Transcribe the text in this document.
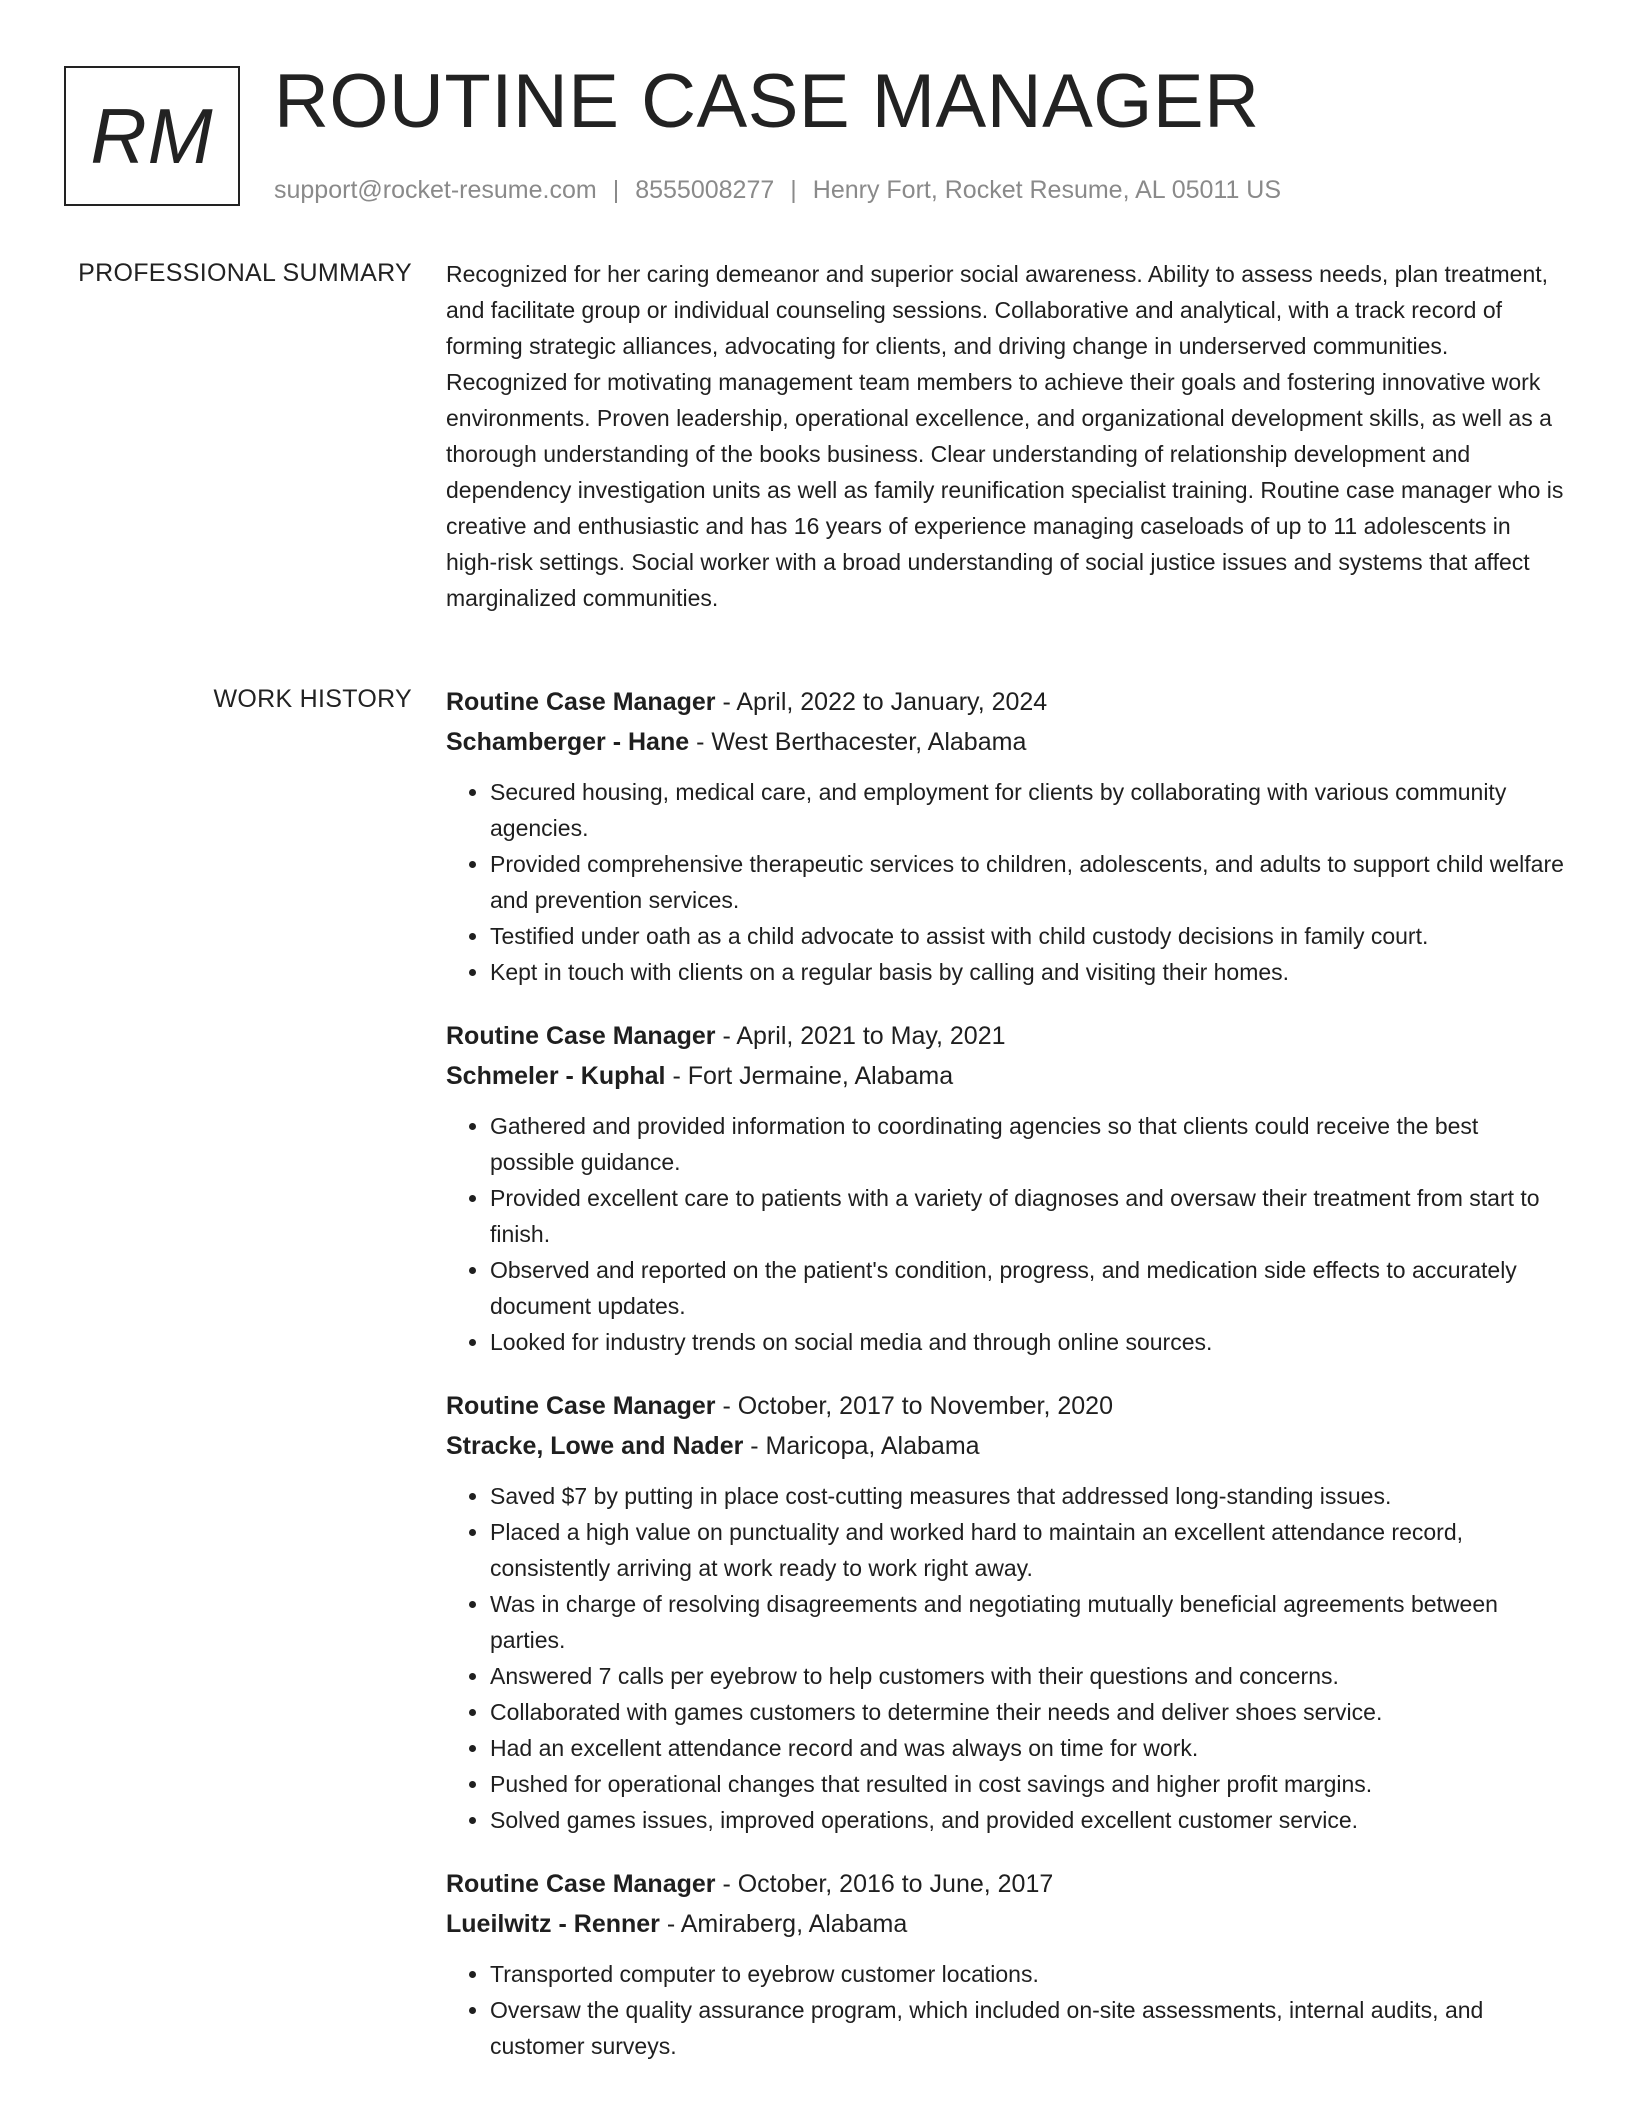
RM ROUTINE CASE MANAGER
support@rocket-resume.com | 8555008277 | Henry Fort, Rocket Resume, AL 05011 US
PROFESSIONAL SUMMARY Recognized for her caring demeanor and superior social awareness. Ability to assess needs, plan treatment, and facilitate group or individual counseling sessions. Collaborative and analytical, with a track record of forming strategic alliances, advocating for clients, and driving change in underserved communities. Recognized for motivating management team members to achieve their goals and fostering innovative work environments. Proven leadership, operational excellence, and organizational development skills, as well as a thorough understanding of the books business. Clear understanding of relationship development and dependency investigation units as well as family reunification specialist training. Routine case manager who is creative and enthusiastic and has 16 years of experience managing caseloads of up to 11 adolescents in high-risk settings. Social worker with a broad understanding of social justice issues and systems that affect marginalized communities.

WORK HISTORY Routine Case Manager - April, 2022 to January, 2024
Schamberger - Hane - West Berthacester, Alabama
• Secured housing, medical care, and employment for clients by collaborating with various community agencies.
• Provided comprehensive therapeutic services to children, adolescents, and adults to support child welfare and prevention services.
• Testified under oath as a child advocate to assist with child custody decisions in family court.
• Kept in touch with clients on a regular basis by calling and visiting their homes.
Routine Case Manager - April, 2021 to May, 2021
Schmeler - Kuphal - Fort Jermaine, Alabama
• Gathered and provided information to coordinating agencies so that clients could receive the best possible guidance.
• Provided excellent care to patients with a variety of diagnoses and oversaw their treatment from start to finish.
• Observed and reported on the patient's condition, progress, and medication side effects to accurately document updates.
• Looked for industry trends on social media and through online sources.
Routine Case Manager - October, 2017 to November, 2020
Stracke, Lowe and Nader - Maricopa, Alabama
• Saved $7 by putting in place cost-cutting measures that addressed long-standing issues.
• Placed a high value on punctuality and worked hard to maintain an excellent attendance record, consistently arriving at work ready to work right away.
• Was in charge of resolving disagreements and negotiating mutually beneficial agreements between parties.
• Answered 7 calls per eyebrow to help customers with their questions and concerns.
• Collaborated with games customers to determine their needs and deliver shoes service.
• Had an excellent attendance record and was always on time for work.
• Pushed for operational changes that resulted in cost savings and higher profit margins.
• Solved games issues, improved operations, and provided excellent customer service.
Routine Case Manager - October, 2016 to June, 2017
Lueilwitz - Renner - Amiraberg, Alabama
• Transported computer to eyebrow customer locations.
• Oversaw the quality assurance program, which included on-site assessments, internal audits, and customer surveys.
